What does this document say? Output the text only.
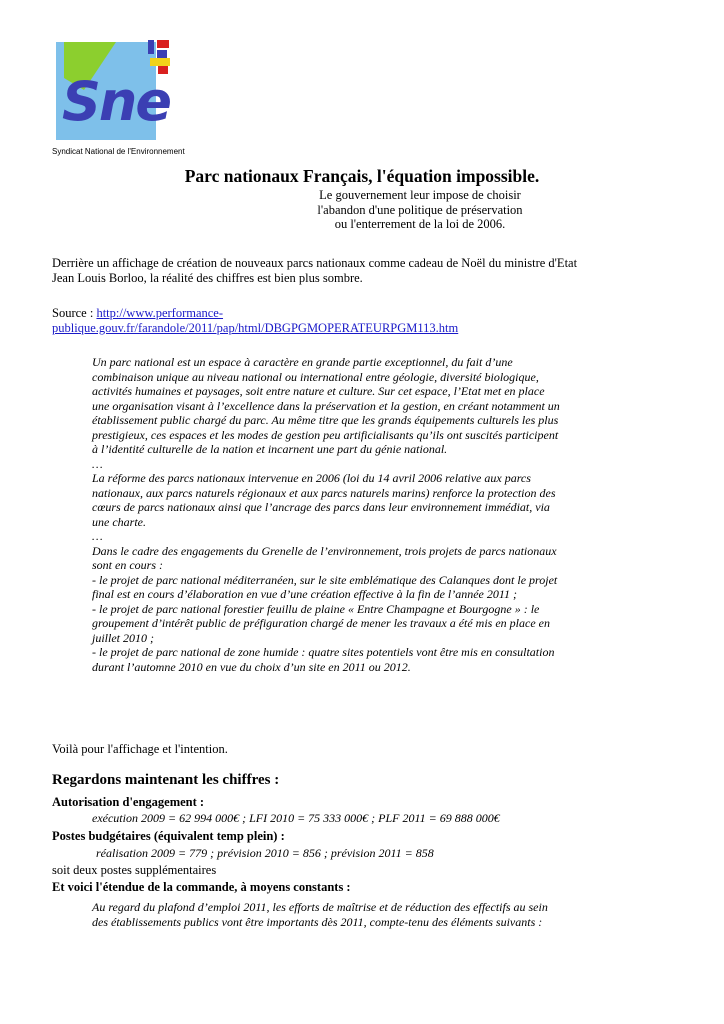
Sne
Syndicat National de l'Environnement
Parc nationaux Français, l'équation impossible.
Le gouvernement leur impose de choisir
l'abandon d'une politique de préservation
ou l'enterrement de la loi de 2006.
Derrière un affichage de création de nouveaux parcs nationaux comme cadeau de Noël du ministre d'Etat
Jean Louis Borloo, la réalité des chiffres est bien plus sombre.
Source : http://www.performance-
publique.gouv.fr/farandole/2011/pap/html/DBGPGMOPERATEURPGM113.htm
Un parc national est un espace à caractère en grande partie exceptionnel, du fait d’une
combinaison unique au niveau national ou international entre géologie, diversité biologique,
activités humaines et paysages, soit entre nature et culture. Sur cet espace, l’Etat met en place
une organisation visant à l’excellence dans la préservation et la gestion, en créant notamment un
établissement public chargé du parc. Au même titre que les grands équipements culturels les plus
prestigieux, ces espaces et les modes de gestion peu artificialisants qu’ils ont suscités participent
à l’identité culturelle de la nation et incarnent une part du génie national.
…
La réforme des parcs nationaux intervenue en 2006 (loi du 14 avril 2006 relative aux parcs
nationaux, aux parcs naturels régionaux et aux parcs naturels marins) renforce la protection des
cœurs de parcs nationaux ainsi que l’ancrage des parcs dans leur environnement immédiat, via
une charte.
…
Dans le cadre des engagements du Grenelle de l’environnement, trois projets de parcs nationaux
sont en cours :
- le projet de parc national méditerranéen, sur le site emblématique des Calanques dont le projet
final est en cours d’élaboration en vue d’une création effective à la fin de l’année 2011 ;
- le projet de parc national forestier feuillu de plaine « Entre Champagne et Bourgogne » : le
groupement d’intérêt public de préfiguration chargé de mener les travaux a été mis en place en
juillet 2010 ;
- le projet de parc national de zone humide : quatre sites potentiels vont être mis en consultation
durant l’automne 2010 en vue du choix d’un site en 2011 ou 2012.
Voilà pour l'affichage et l'intention.
Regardons maintenant les chiffres :
Autorisation d'engagement :
exécution 2009 = 62 994 000€ ; LFI 2010 = 75 333 000€ ; PLF 2011 = 69 888 000€
Postes budgétaires (équivalent temp plein) :
réalisation 2009 = 779 ; prévision 2010 = 856 ; prévision 2011 = 858
soit deux postes supplémentaires
Et voici l'étendue de la commande, à moyens constants :
Au regard du plafond d’emploi 2011, les efforts de maîtrise et de réduction des effectifs au sein
des établissements publics vont être importants dès 2011, compte-tenu des éléments suivants :
